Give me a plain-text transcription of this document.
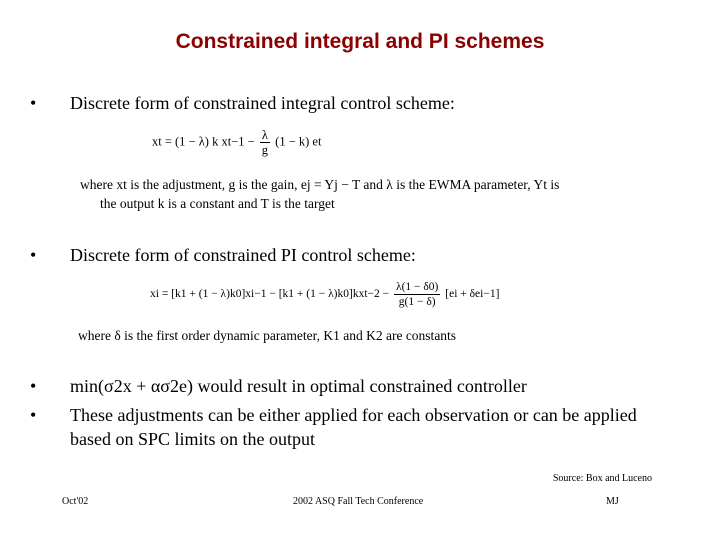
Constrained integral and PI schemes
• Discrete form of constrained integral control scheme:
xt = (1 − λ) k $xt-1 - \frac{\lambda}{g} (1 - k)$ et
where xt is the adjustment, g is the gain, ej = Yj − T and λ is the EWMA parameter, Yt is
the output k is a constant and T is the target
• Discrete form of constrained PI control scheme:
xi = $[k1 + (1 - \lambda)k0]xi-1 - [k1 + (1 - \lambda)k0]kxt-2 - \frac{\lambda(1 - \delta 0)}{g(1 - \delta)} [ei + \delta ei-1]$
where δ is the first order dynamic parameter, K1 and K2 are constants
• min(σ2x + ασ2e) would result in optimal constrained controller
• These adjustments can be either applied for each observation or can be applied based on SPC limits on the output
Source: Box and Luceno
Oct'02	2002 ASQ Fall Tech Conference	MJ
